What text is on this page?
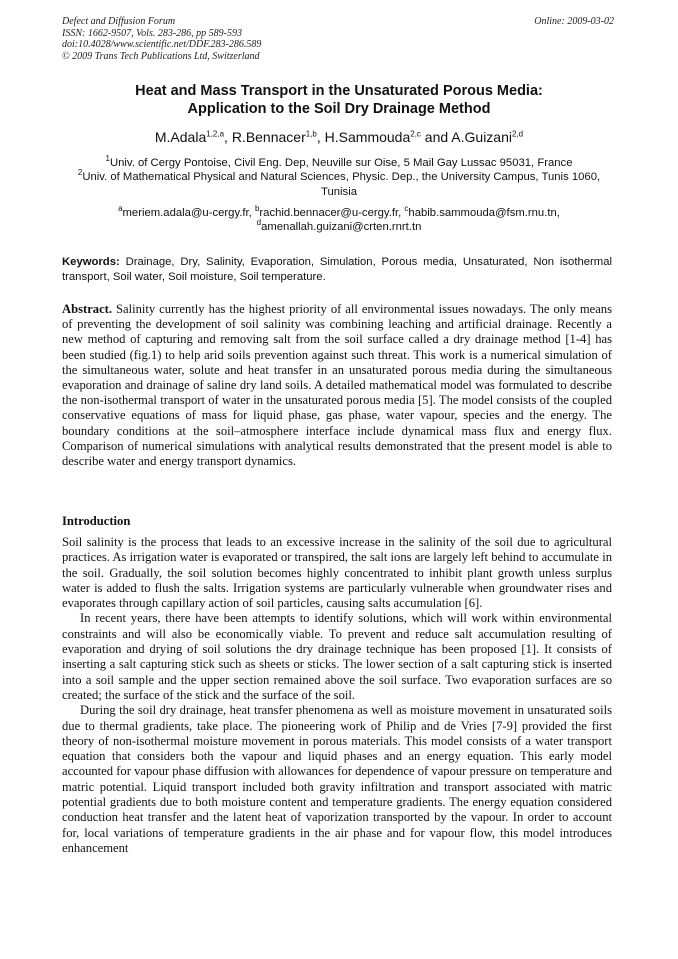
Defect and Diffusion Forum
ISSN: 1662-9507, Vols. 283-286, pp 589-593
doi:10.4028/www.scientific.net/DDF.283-286.589
© 2009 Trans Tech Publications Ltd, Switzerland
Online: 2009-03-02
Heat and Mass Transport in the Unsaturated Porous Media:
Application to the Soil Dry Drainage Method
M.Adala$^{1,2,a}$, R.Bennacer$^{1,b}$, H.Sammouda$^{2,c}$ and A.Guizani$^{2,d}$
$^1$Univ. of Cergy Pontoise, Civil Eng. Dep, Neuville sur Oise, 5 Mail Gay Lussac 95031, France
$^2$Univ. of Mathematical Physical and Natural Sciences, Physic. Dep., the University Campus, Tunis 1060, Tunisia
$^a$meriem.adala@u-cergy.fr, $^b$rachid.bennacer@u-cergy.fr, $^c$habib.sammouda@fsm.rnu.tn,
$^d$amenallah.guizani@crten.rnrt.tn
Keywords: Drainage, Dry, Salinity, Evaporation, Simulation, Porous media, Unsaturated, Non isothermal transport, Soil water, Soil moisture, Soil temperature.
Abstract. Salinity currently has the highest priority of all environmental issues nowadays. The only means of preventing the development of soil salinity was combining leaching and artificial drainage. Recently a new method of capturing and removing salt from the soil surface called a dry drainage method [1-4] has been studied (fig.1) to help arid soils prevention against such threat. This work is a numerical simulation of the simultaneous water, solute and heat transfer in an unsaturated porous media during the simultaneous evaporation and drainage of saline dry land soils. A detailed mathematical model was formulated to describe the non-isothermal transport of water in the unsaturated porous media [5]. The model consists of the coupled conservative equations of mass for liquid phase, gas phase, water vapour, species and the energy. The boundary conditions at the soil–atmosphere interface include dynamical mass flux and energy flux. Comparison of numerical simulations with analytical results demonstrated that the present model is able to describe water and energy transport dynamics.
Introduction

Soil salinity is the process that leads to an excessive increase in the salinity of the soil due to agricultural practices. As irrigation water is evaporated or transpired, the salt ions are largely left behind to accumulate in the soil. Gradually, the soil solution becomes highly concentrated to inhibit plant growth unless surplus water is added to flush the salts. Irrigation systems are particularly vulnerable when groundwater rises and evaporates through capillary action of soil particles, causing salts accumulation [6].

In recent years, there have been attempts to identify solutions, which will work within environmental constraints and will also be economically viable. To prevent and reduce salt accumulation resulting of evaporation and drying of soil solutions the dry drainage technique has been proposed [1]. It consists of inserting a salt capturing stick such as sheets or sticks. The lower section of a salt capturing stick is inserted into a soil sample and the upper section remained above the soil surface. Two evaporation surfaces are so created; the surface of the stick and the surface of the soil.

During the soil dry drainage, heat transfer phenomena as well as moisture movement in unsaturated soils due to thermal gradients, take place. The pioneering work of Philip and de Vries [7-9] provided the first theory of non-isothermal moisture movement in porous materials. This model consists of a water transport equation that considers both the vapour and liquid phases and an energy equation. This early model accounted for vapour phase diffusion with allowances for dependence of vapour pressure on temperature and matric potential. Liquid transport included both gravity infiltration and transport associated with matric potential gradients due to both moisture content and temperature gradients. The energy equation considered conduction heat transfer and the latent heat of vaporization transported by the vapour. In order to account for, local variations of temperature gradients in the air phase and for vapour flow, this model introduces enhancement
